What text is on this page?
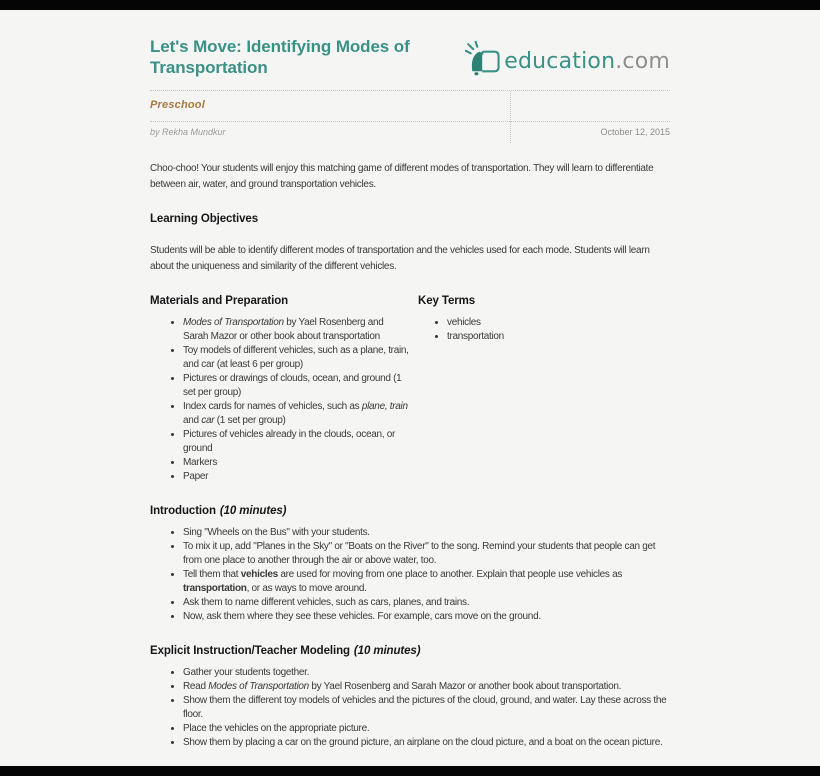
Let's Move: Identifying Modes of Transportation	education.com
Preschool
by Rekha Mundkur	October 12, 2015

Choo-choo! Your students will enjoy this matching game of different modes of transportation. They will learn to differentiate between air, water, and ground transportation vehicles.

Learning Objectives

Students will be able to identify different modes of transportation and the vehicles used for each mode. Students will learn about the uniqueness and similarity of the different vehicles.

Materials and Preparation
• Modes of Transportation by Yael Rosenberg and Sarah Mazor or other book about transportation
• Toy models of different vehicles, such as a plane, train, and car (at least 6 per group)
• Pictures or drawings of clouds, ocean, and ground (1 set per group)
• Index cards for names of vehicles, such as plane, train and car (1 set per group)
• Pictures of vehicles already in the clouds, ocean, or ground
• Markers
• Paper
Key Terms
• vehicles
• transportation
Introduction (10 minutes)
• Sing "Wheels on the Bus" with your students.
• To mix it up, add "Planes in the Sky" or "Boats on the River" to the song. Remind your students that people can get from one place to another through the air or above water, too.
• Tell them that vehicles are used for moving from one place to another. Explain that people use vehicles as transportation, or as ways to move around.
• Ask them to name different vehicles, such as cars, planes, and trains.
• Now, ask them where they see these vehicles. For example, cars move on the ground.
Explicit Instruction/Teacher Modeling (10 minutes)
• Gather your students together.
• Read Modes of Transportation by Yael Rosenberg and Sarah Mazor or another book about transportation.
• Show them the different toy models of vehicles and the pictures of the cloud, ground, and water. Lay these across the floor.
• Place the vehicles on the appropriate picture.
• Show them by placing a car on the ground picture, an airplane on the cloud picture, and a boat on the ocean picture.
